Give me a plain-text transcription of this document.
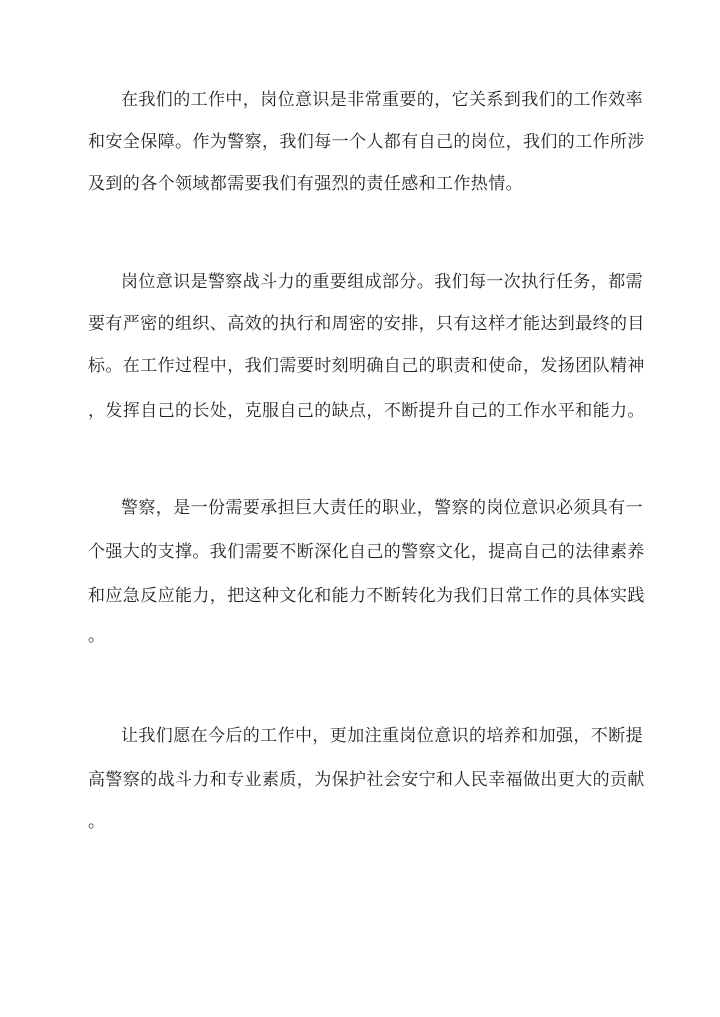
在我们的工作中，岗位意识是非常重要的，它关系到我们的工作效率
和安全保障。作为警察，我们每一个人都有自己的岗位，我们的工作所涉
及到的各个领域都需要我们有强烈的责任感和工作热情。
岗位意识是警察战斗力的重要组成部分。我们每一次执行任务，都需
要有严密的组织、高效的执行和周密的安排，只有这样才能达到最终的目
标。在工作过程中，我们需要时刻明确自己的职责和使命，发扬团队精神
，发挥自己的长处，克服自己的缺点，不断提升自己的工作水平和能力。
警察，是一份需要承担巨大责任的职业，警察的岗位意识必须具有一
个强大的支撑。我们需要不断深化自己的警察文化，提高自己的法律素养
和应急反应能力，把这种文化和能力不断转化为我们日常工作的具体实践
。
让我们愿在今后的工作中，更加注重岗位意识的培养和加强，不断提
高警察的战斗力和专业素质，为保护社会安宁和人民幸福做出更大的贡献
。
